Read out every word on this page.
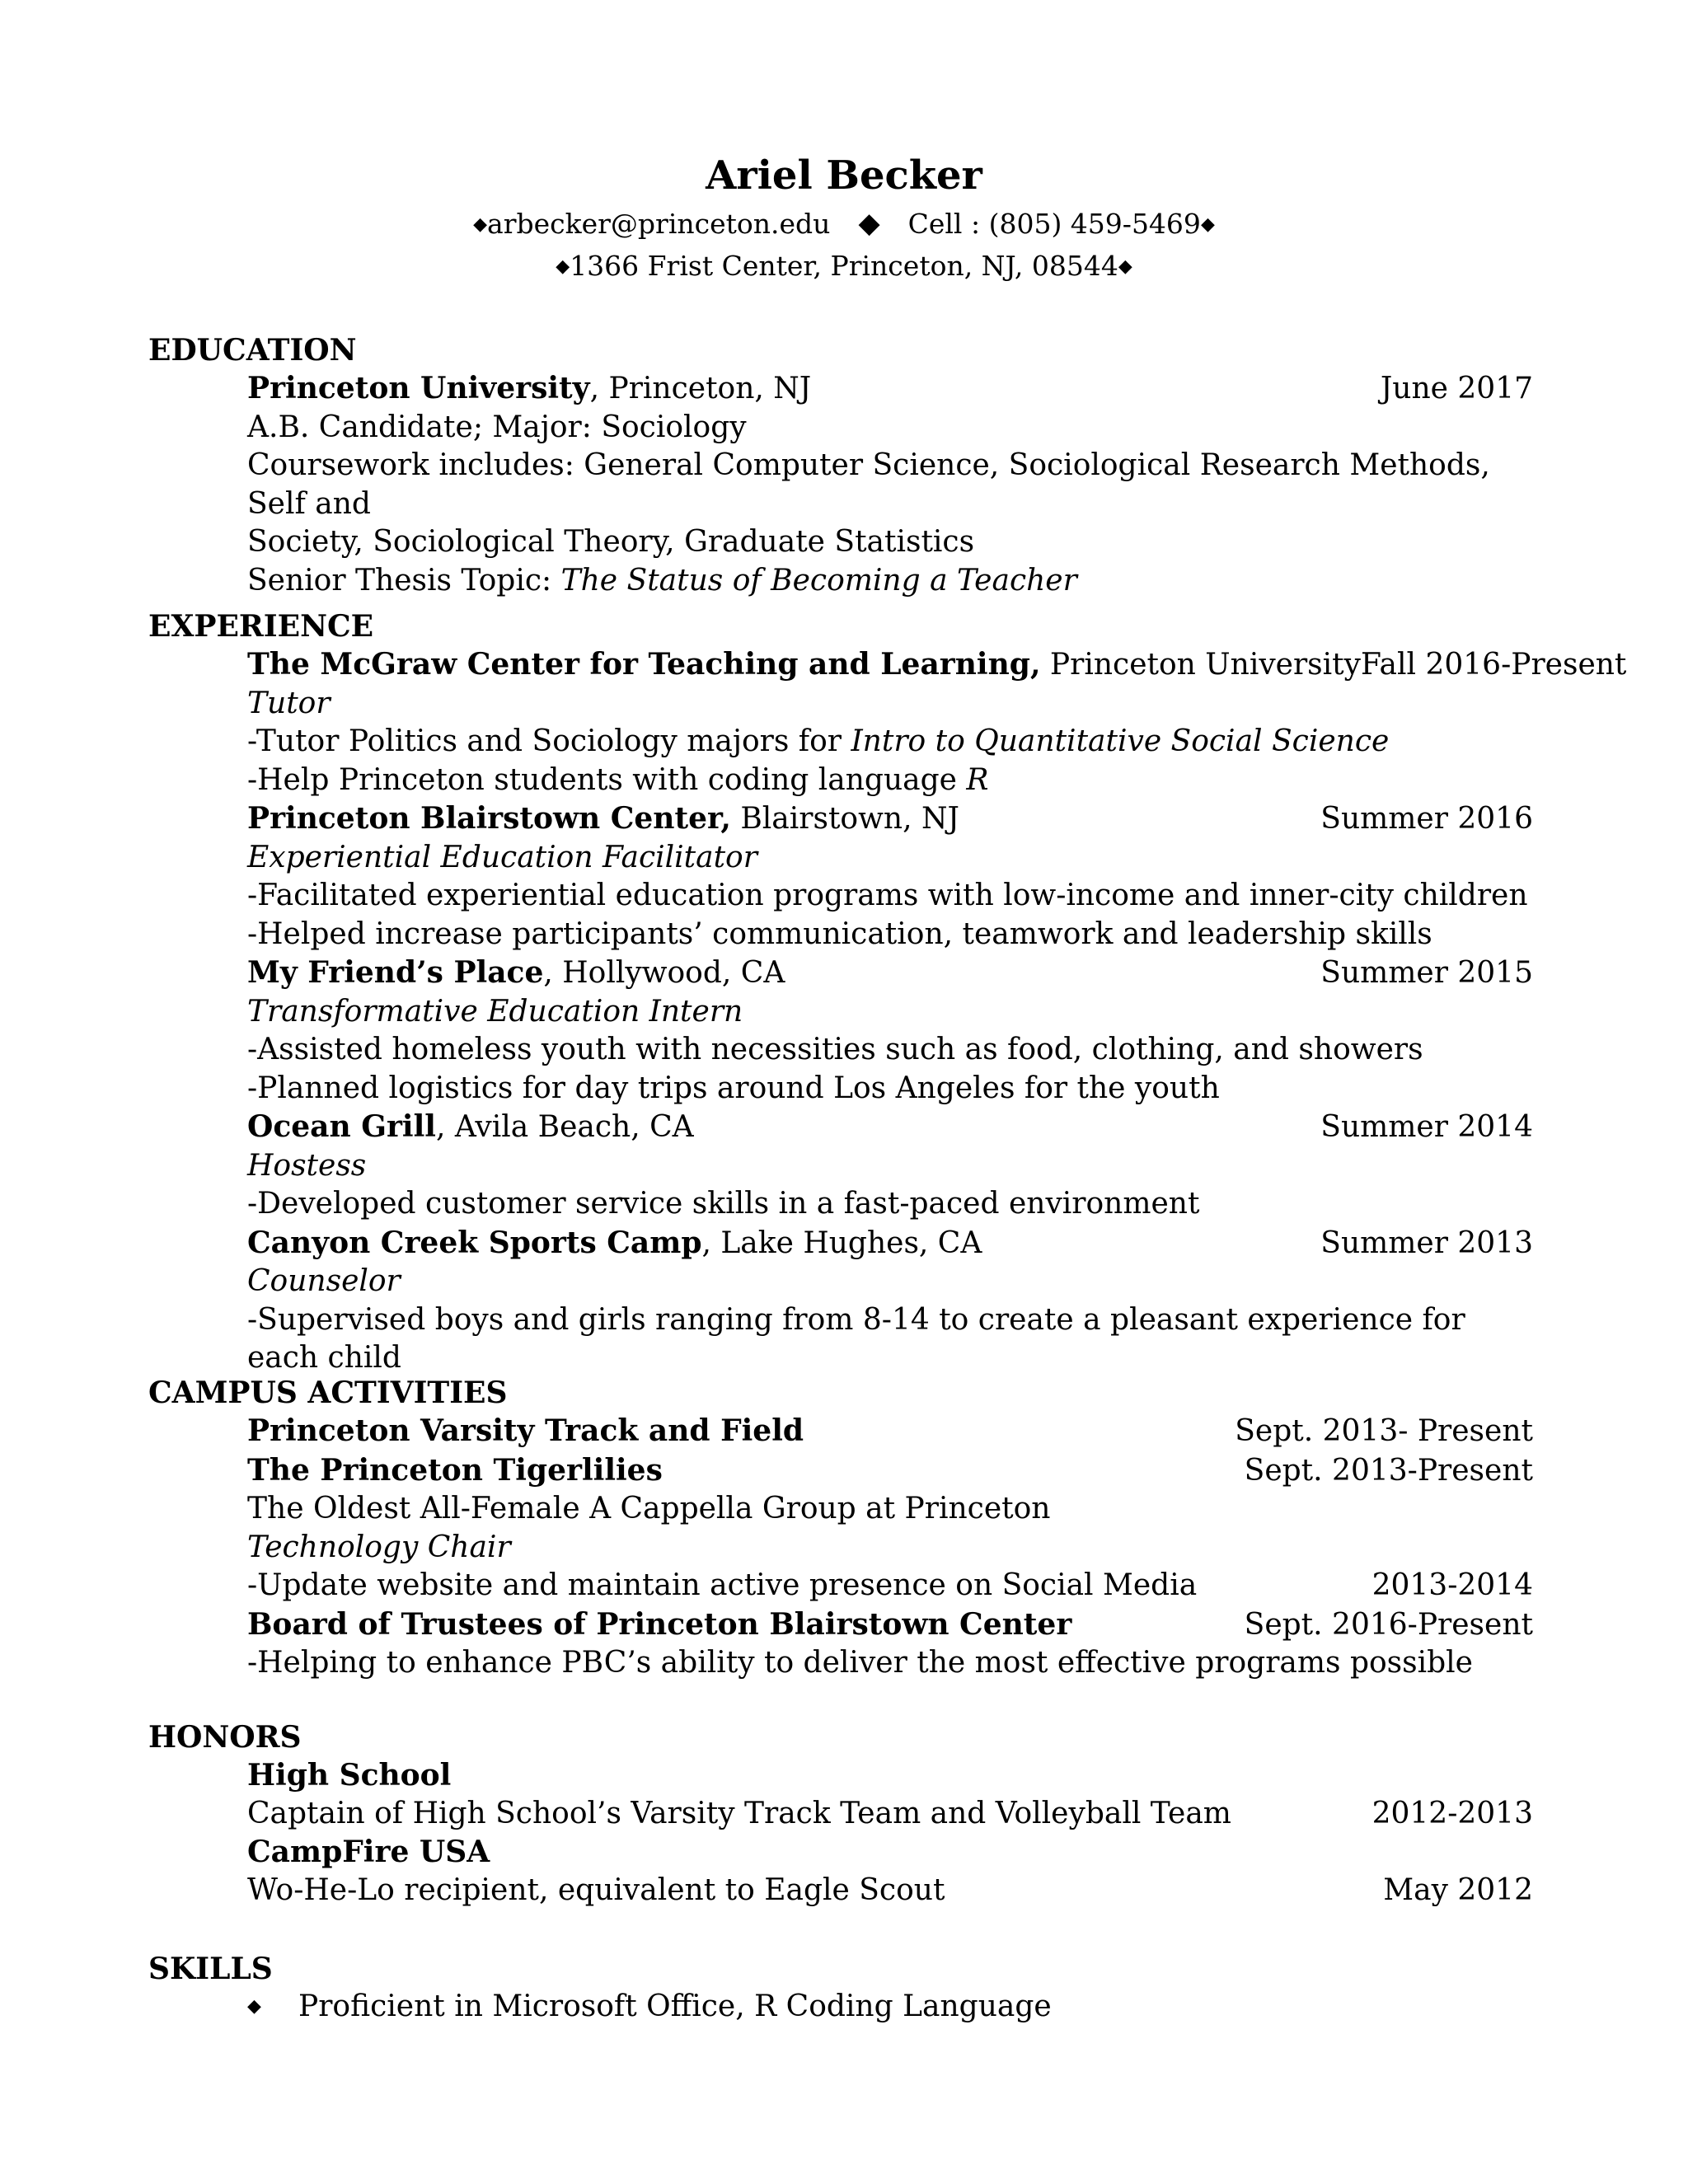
Ariel Becker
◆arbecker@princeton.edu ◆ Cell : (805) 459-5469◆
◆1366 Frist Center, Princeton, NJ, 08544◆
EDUCATION
Princeton University, Princeton, NJ	June 2017
A.B. Candidate; Major: Sociology
Coursework includes: General Computer Science, Sociological Research Methods, Self and
Society, Sociological Theory, Graduate Statistics
Senior Thesis Topic: The Status of Becoming a Teacher
EXPERIENCE
The McGraw Center for Teaching and Learning, Princeton University Fall 2016-Present
Tutor
-Tutor Politics and Sociology majors for Intro to Quantitative Social Science
-Help Princeton students with coding language R
Princeton Blairstown Center, Blairstown, NJ	Summer 2016
Experiential Education Facilitator
-Facilitated experiential education programs with low-income and inner-city children
-Helped increase participants’ communication, teamwork and leadership skills
My Friend’s Place, Hollywood, CA	Summer 2015
Transformative Education Intern
-Assisted homeless youth with necessities such as food, clothing, and showers
-Planned logistics for day trips around Los Angeles for the youth
Ocean Grill, Avila Beach, CA	Summer 2014
Hostess
-Developed customer service skills in a fast-paced environment
Canyon Creek Sports Camp, Lake Hughes, CA	Summer 2013
Counselor
-Supervised boys and girls ranging from 8-14 to create a pleasant experience for each child
CAMPUS ACTIVITIES
Princeton Varsity Track and Field	Sept. 2013- Present
The Princeton Tigerlilies	Sept. 2013-Present
The Oldest All-Female A Cappella Group at Princeton
Technology Chair
-Update website and maintain active presence on Social Media	2013-2014
Board of Trustees of Princeton Blairstown Center	Sept. 2016-Present
-Helping to enhance PBC’s ability to deliver the most effective programs possible
HONORS
High School
Captain of High School’s Varsity Track Team and Volleyball Team	2012-2013
CampFire USA
Wo-He-Lo recipient, equivalent to Eagle Scout	May 2012
SKILLS
◆ Proficient in Microsoft Office, R Coding Language
